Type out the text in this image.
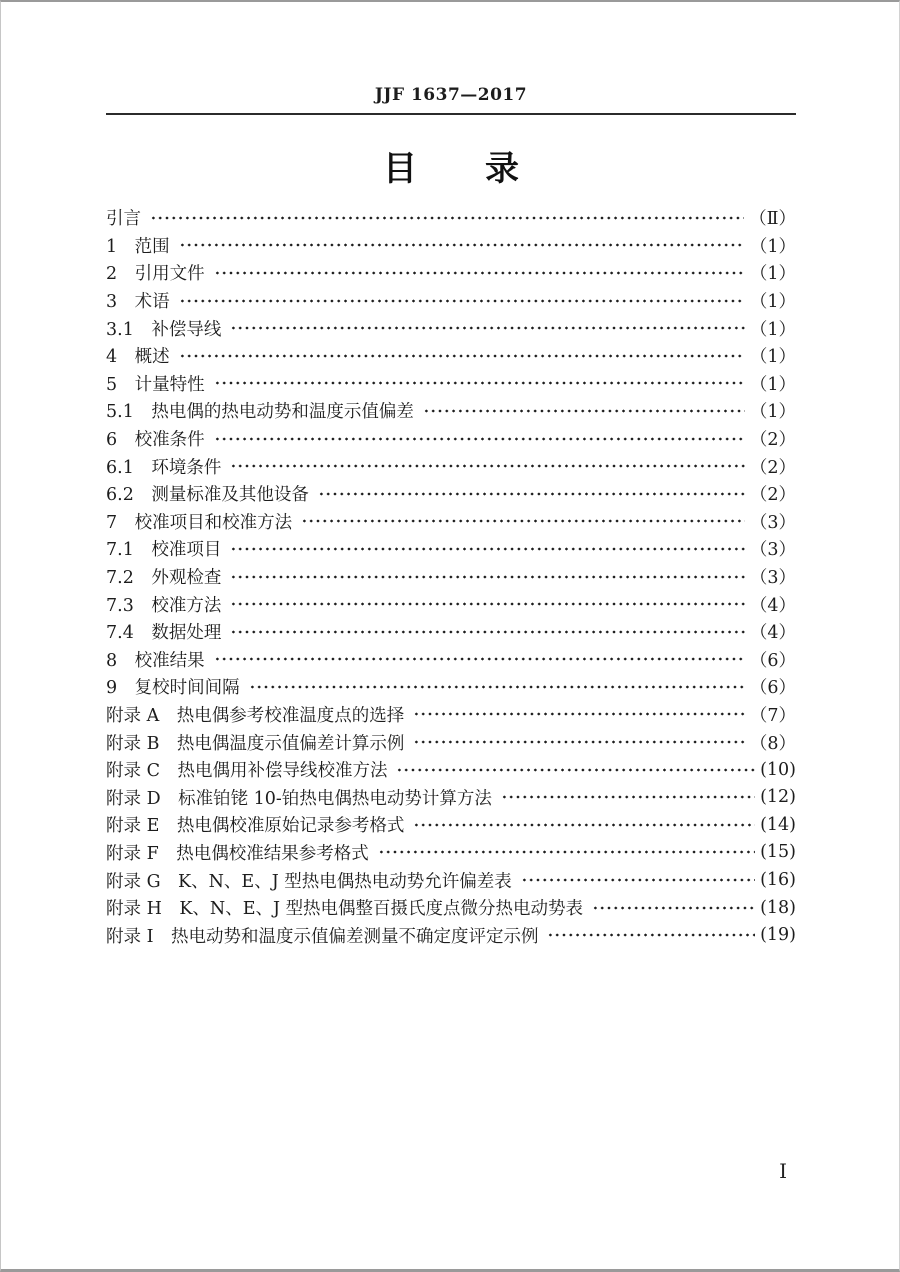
JJF 1637—2017
目　　录
引言	（Ⅱ）
1　范围	（1）
2　引用文件	（1）
3　术语	（1）
3.1　补偿导线	（1）
4　概述	（1）
5　计量特性	（1）
5.1　热电偶的热电动势和温度示值偏差	（1）
6　校准条件	（2）
6.1　环境条件	（2）
6.2　测量标准及其他设备	（2）
7　校准项目和校准方法	（3）
7.1　校准项目	（3）
7.2　外观检查	（3）
7.3　校准方法	（4）
7.4　数据处理	（4）
8　校准结果	（6）
9　复校时间间隔	（6）
附录 A　热电偶参考校准温度点的选择	（7）
附录 B　热电偶温度示值偏差计算示例	（8）
附录 C　热电偶用补偿导线校准方法	(10)
附录 D　标准铂铑 10-铂热电偶热电动势计算方法	(12)
附录 E　热电偶校准原始记录参考格式	(14)
附录 F　热电偶校准结果参考格式	(15)
附录 G　K、N、E、J 型热电偶热电动势允许偏差表	(16)
附录 H　K、N、E、J 型热电偶整百摄氏度点微分热电动势表	(18)
附录 I　热电动势和温度示值偏差测量不确定度评定示例	(19)
Ⅰ
